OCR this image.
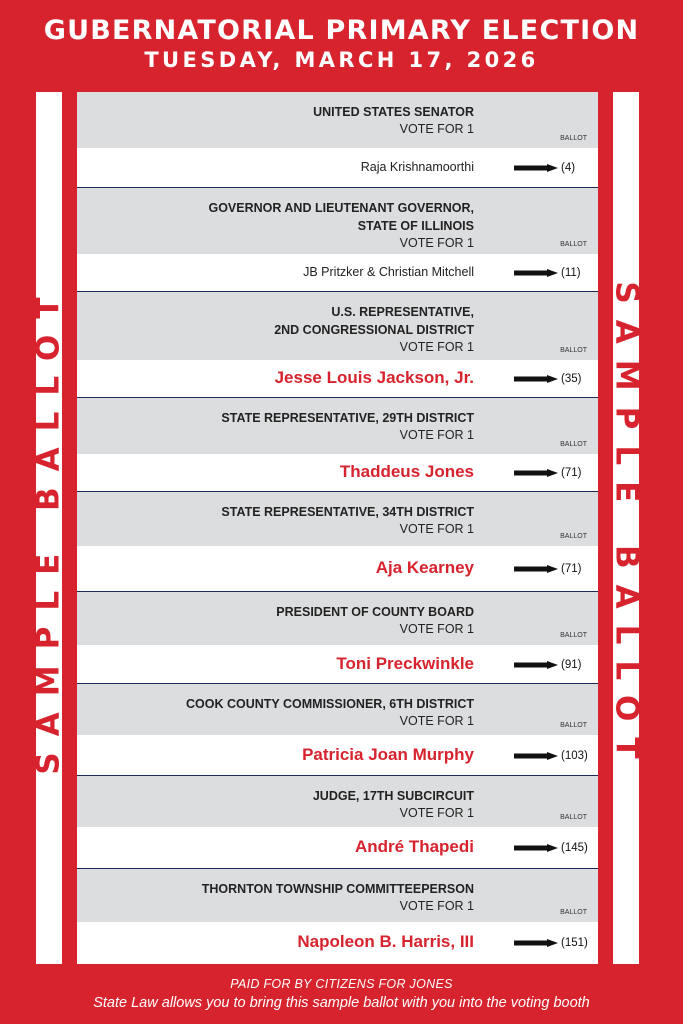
GUBERNATORIAL PRIMARY ELECTION
TUESDAY, MARCH 17, 2026
SAMPLE BALLOT	SAMPLE BALLOT
UNITED STATES SENATOR
VOTE FOR 1
BALLOT
Raja Krishnamoorthi	(4)
GOVERNOR AND LIEUTENANT GOVERNOR,
STATE OF ILLINOIS
VOTE FOR 1	BALLOT
JB Pritzker & Christian Mitchell	(11)
U.S. REPRESENTATIVE,
2ND CONGRESSIONAL DISTRICT
VOTE FOR 1	BALLOT
Jesse Louis Jackson, Jr.	(35)
STATE REPRESENTATIVE, 29TH DISTRICT
VOTE FOR 1
BALLOT
Thaddeus Jones	(71)
STATE REPRESENTATIVE, 34TH DISTRICT
VOTE FOR 1
BALLOT
Aja Kearney	(71)
PRESIDENT OF COUNTY BOARD
VOTE FOR 1	BALLOT
Toni Preckwinkle	(91)
COOK COUNTY COMMISSIONER, 6TH DISTRICT
VOTE FOR 1	BALLOT
Patricia Joan Murphy	(103)
JUDGE, 17TH SUBCIRCUIT
VOTE FOR 1	BALLOT
André Thapedi	(145)
THORNTON TOWNSHIP COMMITTEEPERSON
VOTE FOR 1	BALLOT
Napoleon B. Harris, III	(151)
PAID FOR BY CITIZENS FOR JONES
State Law allows you to bring this sample ballot with you into the voting booth
